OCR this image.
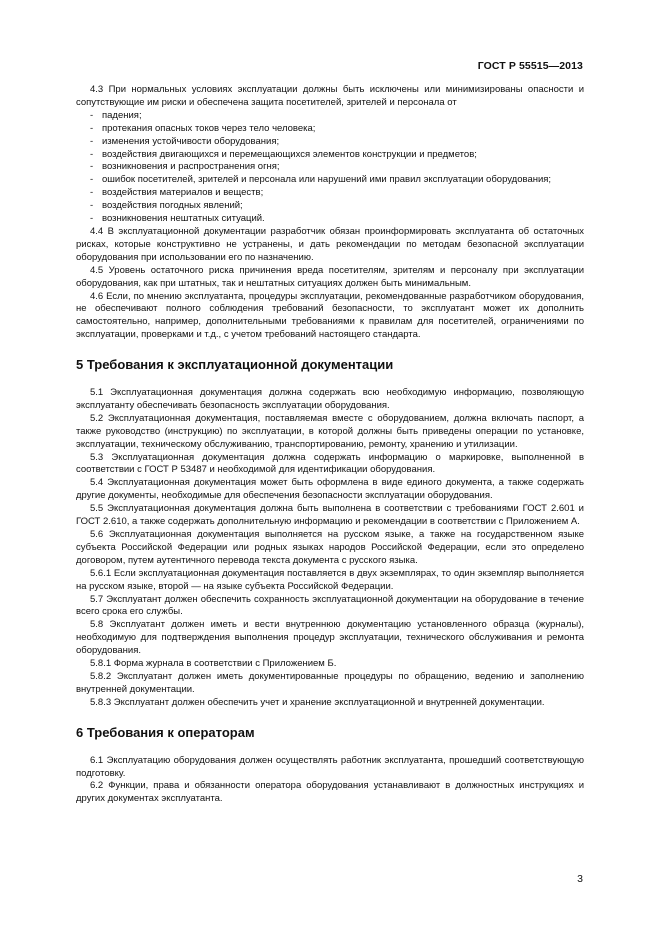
ГОСТ Р 55515—2013

4.3 При нормальных условиях эксплуатации должны быть исключены или минимизированы опасности и сопутствующие им риски и обеспечена защита посетителей, зрителей и персонала от

- падения;
- протекания опасных токов через тело человека;
- изменения устойчивости оборудования;
- воздействия двигающихся и перемещающихся элементов конструкции и предметов;
- возникновения и распространения огня;
- ошибок посетителей, зрителей и персонала или нарушений ими правил эксплуатации оборудования;
- воздействия материалов и веществ;
- воздействия погодных явлений;
- возникновения нештатных ситуаций.

4.4 В эксплуатационной документации разработчик обязан проинформировать эксплуатанта об остаточных рисках, которые конструктивно не устранены, и дать рекомендации по методам безопасной эксплуатации оборудования при использовании его по назначению.

4.5 Уровень остаточного риска причинения вреда посетителям, зрителям и персоналу при эксплуатации оборудования, как при штатных, так и нештатных ситуациях должен быть минимальным.

4.6 Если, по мнению эксплуатанта, процедуры эксплуатации, рекомендованные разработчиком оборудования, не обеспечивают полного соблюдения требований безопасности, то эксплуатант может их дополнить самостоятельно, например, дополнительными требованиями к правилам для посетителей, ограничениями по эксплуатации, проверками и т.д., с учетом требований настоящего стандарта.

5 Требования к эксплуатационной документации

5.1 Эксплуатационная документация должна содержать всю необходимую информацию, позволяющую эксплуатанту обеспечивать безопасность эксплуатации оборудования.

5.2 Эксплуатационная документация, поставляемая вместе с оборудованием, должна включать паспорт, а также руководство (инструкцию) по эксплуатации, в которой должны быть приведены операции по установке, эксплуатации, техническому обслуживанию, транспортированию, ремонту, хранению и утилизации.

5.3 Эксплуатационная документация должна содержать информацию о маркировке, выполненной в соответствии с ГОСТ Р 53487 и необходимой для идентификации оборудования.

5.4 Эксплуатационная документация может быть оформлена в виде единого документа, а также содержать другие документы, необходимые для обеспечения безопасности эксплуатации оборудования.

5.5 Эксплуатационная документация должна быть выполнена в соответствии с требованиями ГОСТ 2.601 и ГОСТ 2.610, а также содержать дополнительную информацию и рекомендации в соответствии с Приложением А.

5.6 Эксплуатационная документация выполняется на русском языке, а также на государственном языке субъекта Российской Федерации или родных языках народов Российской Федерации, если это определено договором, путем аутентичного перевода текста документа с русского языка.

5.6.1 Если эксплуатационная документация поставляется в двух экземплярах, то один экземпляр выполняется на русском языке, второй — на языке субъекта Российской Федерации.

5.7 Эксплуатант должен обеспечить сохранность эксплуатационной документации на оборудование в течение всего срока его службы.

5.8 Эксплуатант должен иметь и вести внутреннюю документацию установленного образца (журналы), необходимую для подтверждения выполнения процедур эксплуатации, технического обслуживания и ремонта оборудования.

5.8.1 Форма журнала в соответствии с Приложением Б.

5.8.2 Эксплуатант должен иметь документированные процедуры по обращению, ведению и заполнению внутренней документации.

5.8.3 Эксплуатант должен обеспечить учет и хранение эксплуатационной и внутренней документации.

6 Требования к операторам

6.1 Эксплуатацию оборудования должен осуществлять работник эксплуатанта, прошедший соответствующую подготовку.

6.2 Функции, права и обязанности оператора оборудования устанавливают в должностных инструкциях и других документах эксплуатанта.

3
